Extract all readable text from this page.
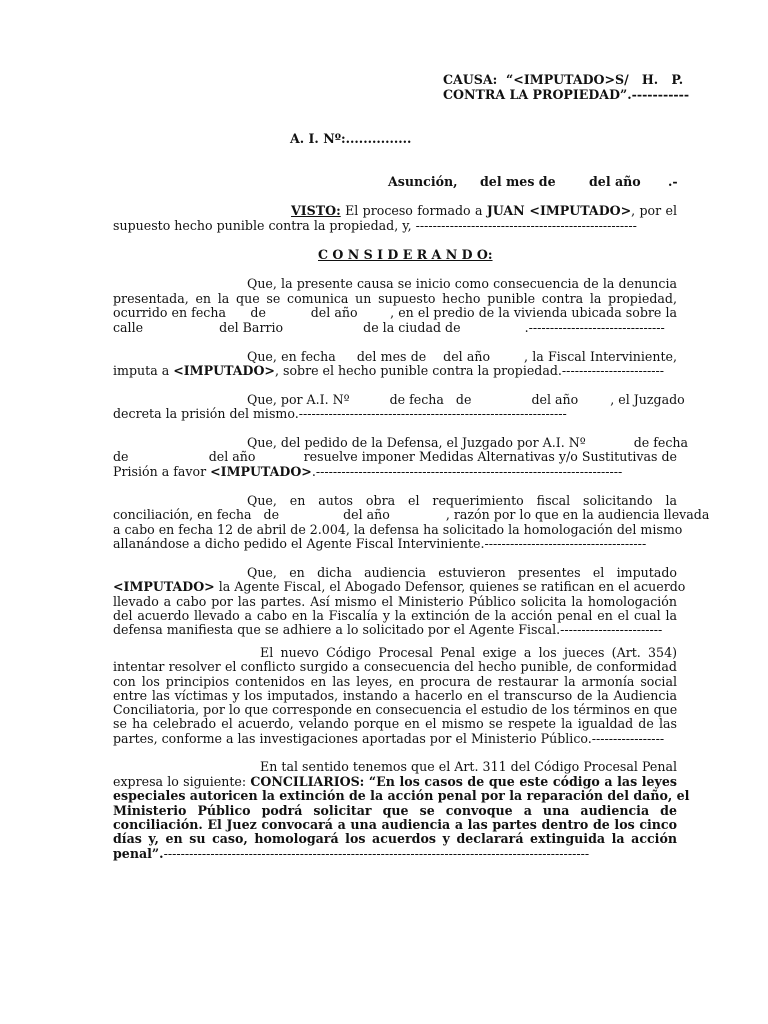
CAUSA:  “<IMPUTADO>S/   H.   P.
CONTRA LA PROPIEDAD”.-----------
A. I. Nº:...............
Asunción, del mes de	del año .-
VISTO: El proceso formado a JUAN <IMPUTADO>, por el
supuesto hecho punible contra la propiedad, y, ----------------------------------------------------
C O N S I D E R A N D O:
Que, la presente causa se inicio como consecuencia de la denuncia
presentada, en la que se comunica un supuesto hecho punible contra la propiedad,
ocurrido en fecha      de           del año        , en el predio de la vivienda ubicada sobre la
calle                   del Barrio                    de la ciudad de                .--------------------------------
Que, en fecha     del mes de    del año        , la Fiscal Interviniente,
imputa a <IMPUTADO>, sobre el hecho punible contra la propiedad.------------------------
Que, por A.I. Nº          de fecha   de               del año        , el Juzgado
decreta la prisión del mismo.---------------------------------------------------------------
Que, del pedido de la Defensa, el Juzgado por A.I. Nº            de fecha
de                    del año            resuelve imponer Medidas Alternativas y/o Sustitutivas de
Prisión a favor <IMPUTADO>.------------------------------------------------------------------------
Que,   en   autos   obra   el   requerimiento   fiscal   solicitando   la
conciliación, en fecha   de                del año              , razón por lo que en la audiencia llevada
a cabo en fecha 12 de abril de 2.004, la defensa ha solicitado la homologación del mismo
allanándose a dicho pedido el Agente Fiscal Interviniente.--------------------------------------
Que,   en   dicha   audiencia   estuvieron   presentes   el   imputado
<IMPUTADO> la Agente Fiscal, el Abogado Defensor, quienes se ratifican en el acuerdo
llevado a cabo por las partes. Así mismo el Ministerio Público solicita la homologación
del acuerdo llevado a cabo en la Fiscalía y la extinción de la acción penal en el cual la
defensa manifiesta que se adhiere a lo solicitado por el Agente Fiscal.------------------------
El nuevo Código Procesal Penal exige a los jueces (Art. 354)
intentar resolver el conflicto surgido a consecuencia del hecho punible, de conformidad
con los principios contenidos en las leyes, en procura de restaurar la armonía social
entre las víctimas y los imputados, instando a hacerlo en el transcurso de la Audiencia
Conciliatoria, por lo que corresponde en consecuencia el estudio de los términos en que
se ha celebrado el acuerdo, velando porque en el mismo se respete la igualdad de las
partes, conforme a las investigaciones aportadas por el Ministerio Público.-----------------
En tal sentido tenemos que el Art. 311 del Código Procesal Penal
expresa lo siguiente: CONCILIARIOS: “En los casos de que este código a las leyes
especiales autoricen la extinción de la acción penal por la reparación del daño, el
Ministerio Público podrá solicitar que se convoque a una audiencia de
conciliación. El Juez convocará a una audiencia a las partes dentro de los cinco
días y, en su caso, homologará los acuerdos y declarará extinguida la acción
penal”.----------------------------------------------------------------------------------------------------
